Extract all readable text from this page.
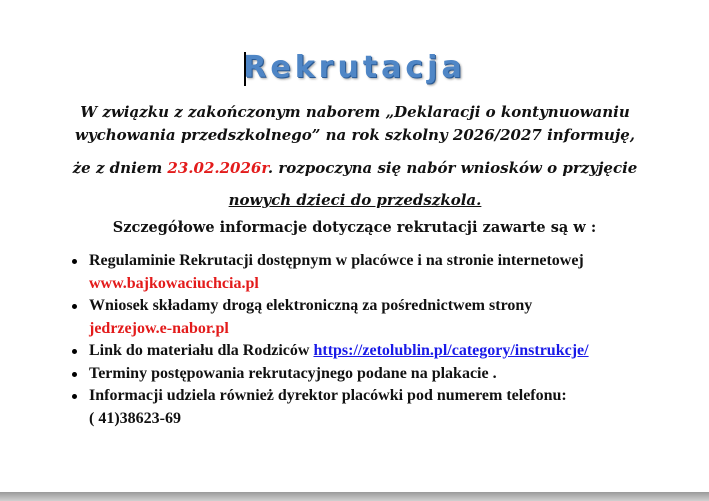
Rekrutacja

W związku z zakończonym naborem „Deklaracji o kontynuowaniu

wychowania przedszkolnego” na rok szkolny 2026/2027 informuję,

że z dniem 23.02.2026r. rozpoczyna się nabór wniosków o przyjęcie

nowych dzieci do przedszkola.

Szczegółowe informacje dotyczące rekrutacji zawarte są w :

Regulaminie Rekrutacji dostępnym w placówce i na stronie internetowej
www.bajkowaciuchcia.pl
Wniosek składamy drogą elektroniczną za pośrednictwem strony
jedrzejow.e-nabor.pl
Link do materiału dla Rodziców https://zetolublin.pl/category/instrukcje/
Terminy postępowania rekrutacyjnego podane na plakacie .
Informacji udziela również dyrektor placówki pod numerem telefonu:
( 41)38623-69
